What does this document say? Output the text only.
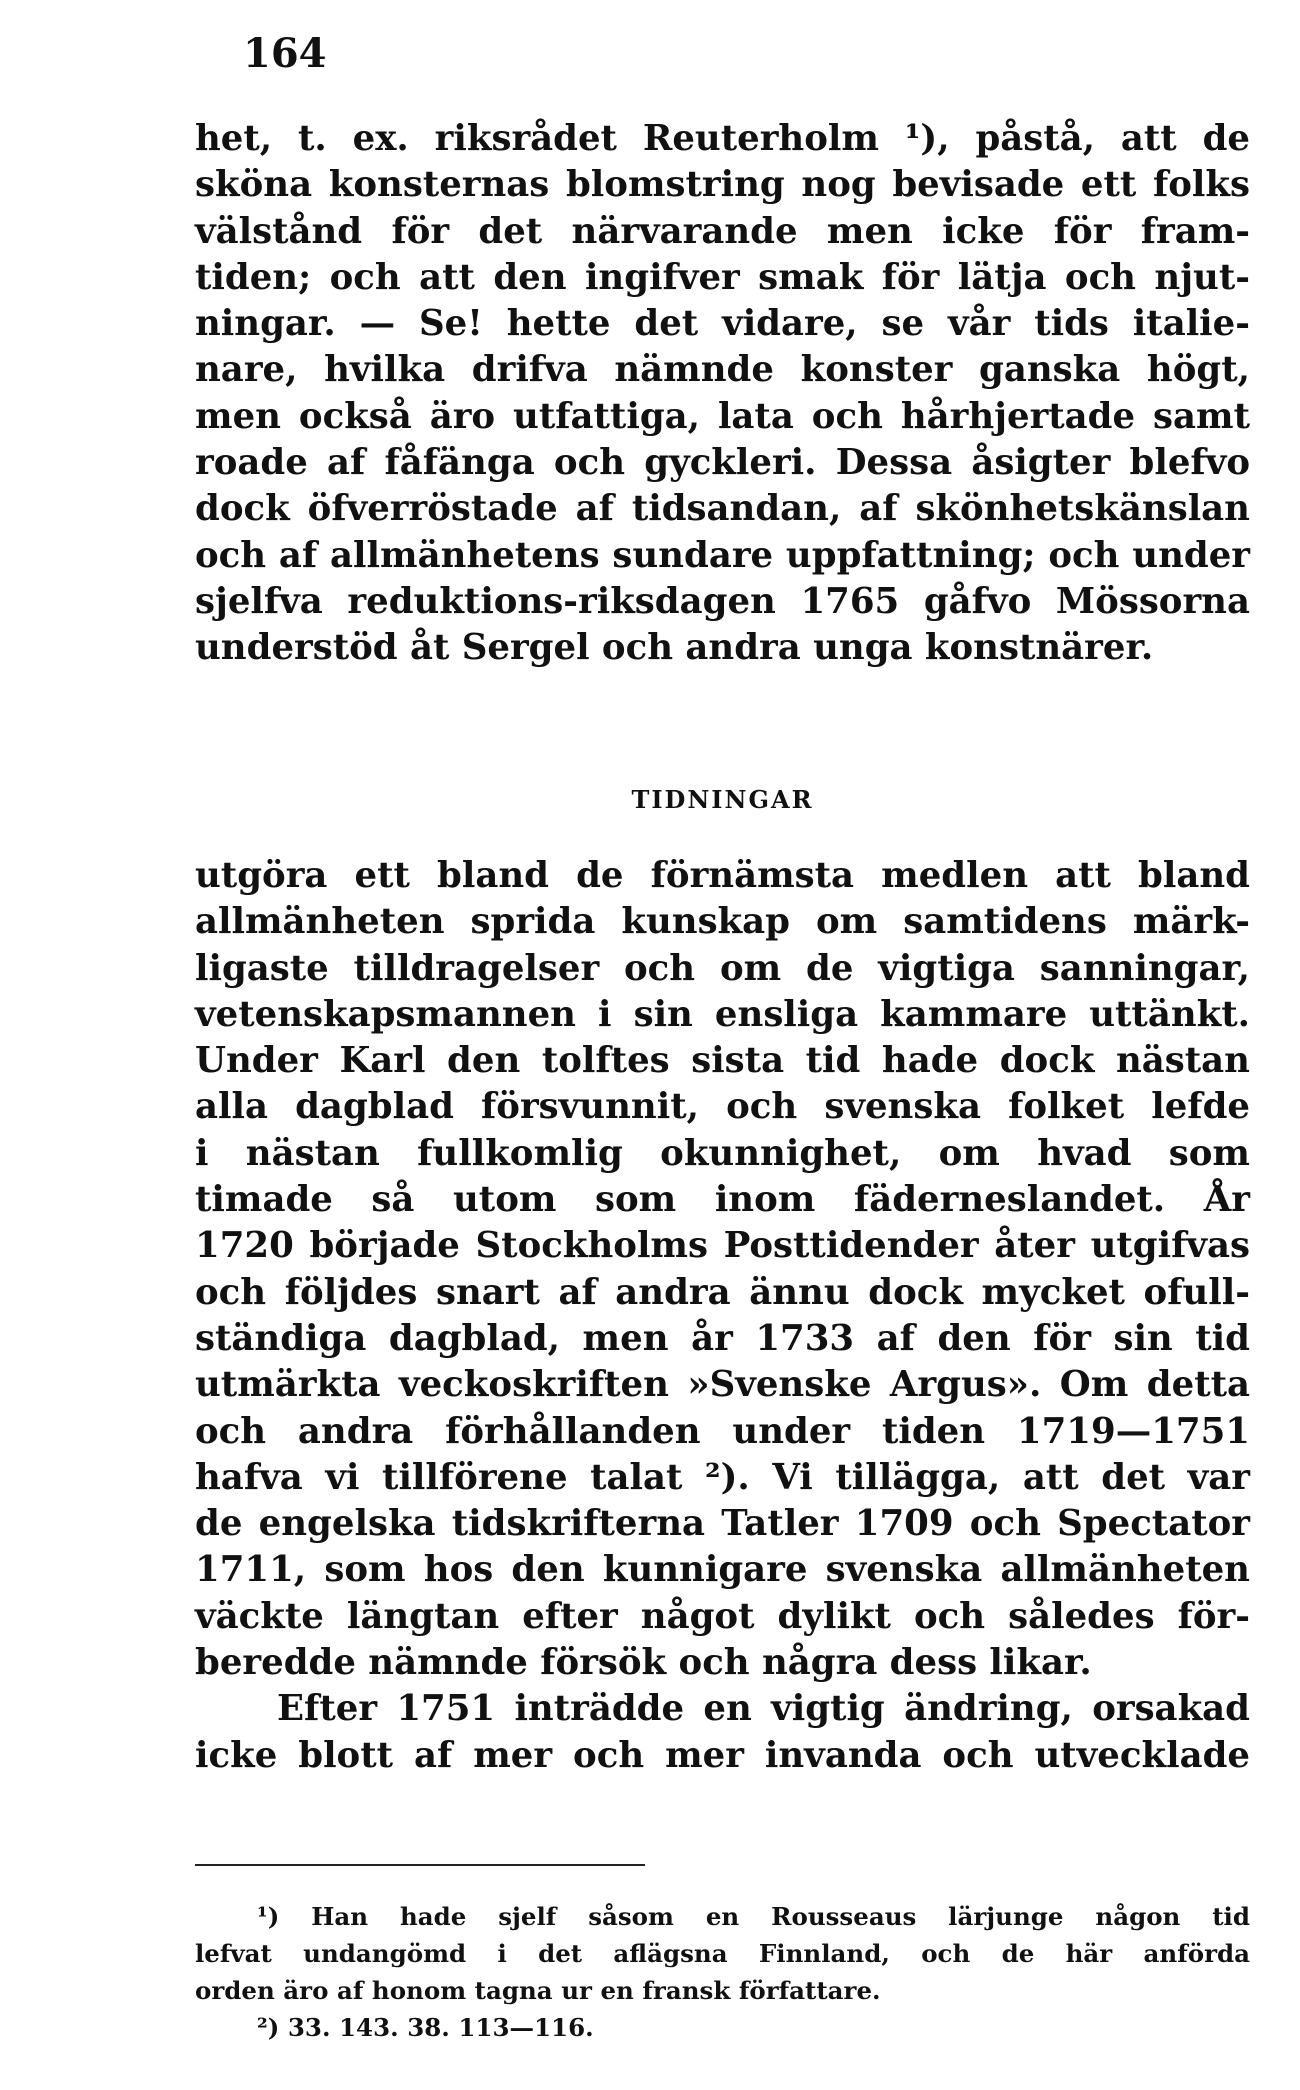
164
het, t. ex. riksrådet Reuterholm ¹), påstå, att de
sköna konsternas blomstring nog bevisade ett folks
välstånd för det närvarande men icke för fram-
tiden; och att den ingifver smak för lätja och njut-
ningar. — Se! hette det vidare, se vår tids italie-
nare, hvilka drifva nämnde konster ganska högt,
men också äro utfattiga, lata och hårhjertade samt
roade af fåfänga och gyckleri. Dessa åsigter blefvo
dock öfverröstade af tidsandan, af skönhetskänslan
och af allmänhetens sundare uppfattning; och under
sjelfva reduktions-riksdagen 1765 gåfvo Mössorna
understöd åt Sergel och andra unga konstnärer.
TIDNINGAR
utgöra ett bland de förnämsta medlen att bland
allmänheten sprida kunskap om samtidens märk-
ligaste tilldragelser och om de vigtiga sanningar,
vetenskapsmannen i sin ensliga kammare uttänkt.
Under Karl den tolftes sista tid hade dock nästan
alla dagblad försvunnit, och svenska folket lefde
i nästan fullkomlig okunnighet, om hvad som
timade så utom som inom fäderneslandet. År
1720 började Stockholms Posttidender åter utgifvas
och följdes snart af andra ännu dock mycket ofull-
ständiga dagblad, men år 1733 af den för sin tid
utmärkta veckoskriften »Svenske Argus». Om detta
och andra förhållanden under tiden 1719—1751
hafva vi tillförene talat ²). Vi tillägga, att det var
de engelska tidskrifterna Tatler 1709 och Spectator
1711, som hos den kunnigare svenska allmänheten
väckte längtan efter något dylikt och således för-
beredde nämnde försök och några dess likar.
Efter 1751 inträdde en vigtig ändring, orsakad
icke blott af mer och mer invanda och utvecklade
¹) Han hade sjelf såsom en Rousseaus lärjunge någon tid
lefvat undangömd i det aflägsna Finnland, och de här anförda
orden äro af honom tagna ur en fransk författare.
²) 33. 143. 38. 113—116.
